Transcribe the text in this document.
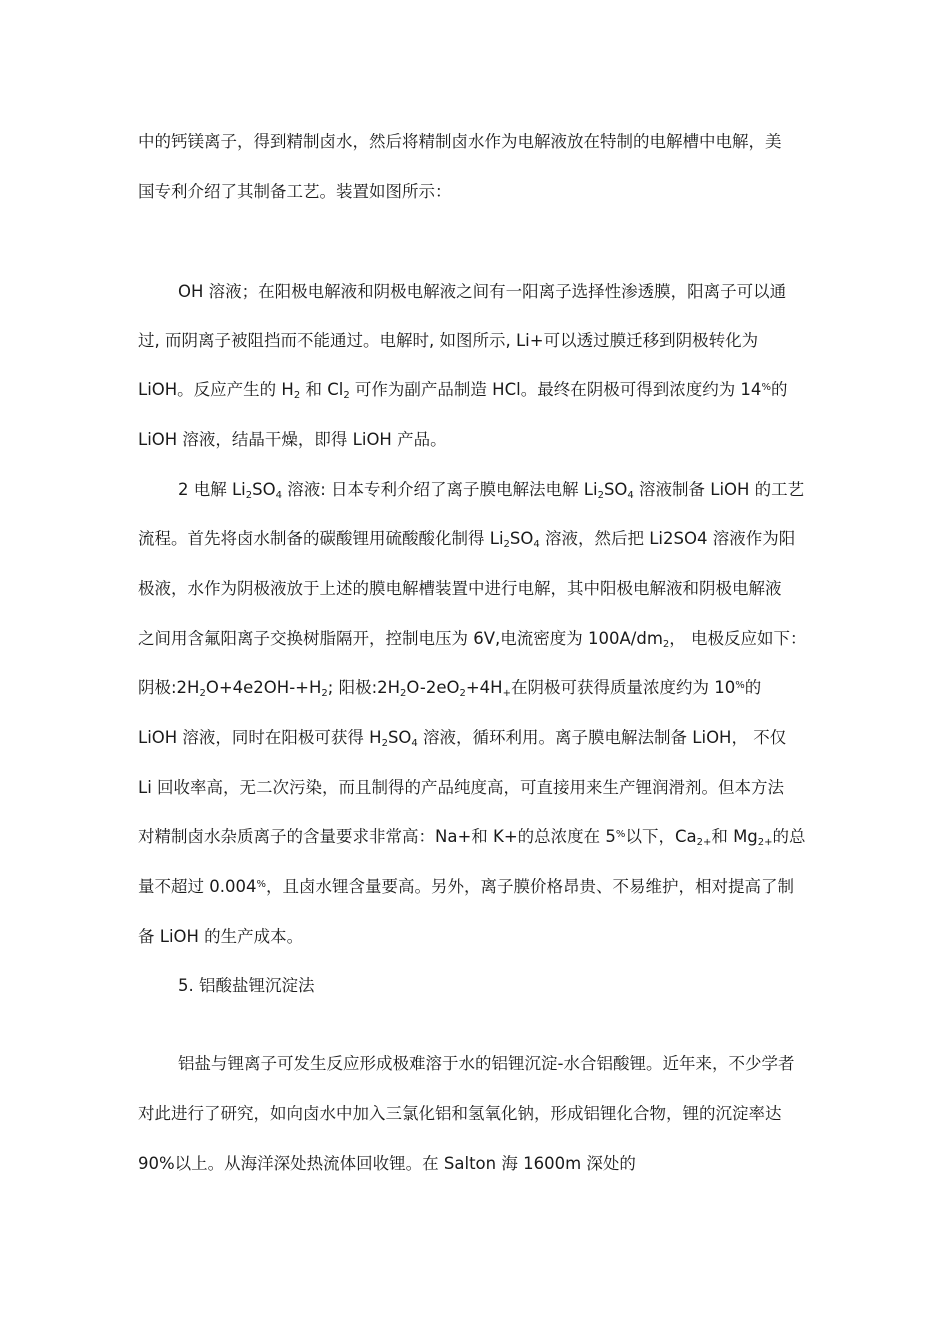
中的钙镁离子，得到精制卤水，然后将精制卤水作为电解液放在特制的电解槽中电解，美
国专利介绍了其制备工艺。装置如图所示：
OH 溶液；在阳极电解液和阴极电解液之间有一阳离子选择性渗透膜，阳离子可以通
过, 而阴离子被阻挡而不能通过。电解时, 如图所示, Li+可以透过膜迁移到阴极转化为
LiOH。反应产生的 $H_2$ 和 $Cl_2$ 可作为副产品制造 HCl。最终在阴极可得到浓度约为 14%的
LiOH 溶液，结晶干燥，即得 LiOH 产品。
2 电解 $Li_2SO_4$ 溶液: 日本专利介绍了离子膜电解法电解 $Li_2SO_4$ 溶液制备 LiOH 的工艺
流程。首先将卤水制备的碳酸锂用硫酸酸化制得 $Li_2SO_4$ 溶液，然后把 Li2SO4 溶液作为阳
极液，水作为阴极液放于上述的膜电解槽装置中进行电解，其中阳极电解液和阴极电解液
之间用含氟阳离子交换树脂隔开，控制电压为 6V,电流密度为 $100A/dm_2$， 电极反应如下：
阴极$:2H_2O+4e2OH-+H_2$; 阳极$:2H_2O-2eO_2+4H_+$在阴极可获得质量浓度约为 10%的
LiOH 溶液，同时在阳极可获得 $H_2SO_4$ 溶液，循环利用。离子膜电解法制备 LiOH， 不仅
Li 回收率高，无二次污染，而且制得的产品纯度高，可直接用来生产锂润滑剂。但本方法
对精制卤水杂质离子的含量要求非常高：Na+和 K+的总浓度在 5%以下，$Ca_{2+}$和 $Mg_{2+}$的总
量不超过 0.004%，且卤水锂含量要高。另外，离子膜价格昂贵、不易维护，相对提高了制
备 LiOH 的生产成本。
5. 铝酸盐锂沉淀法
铝盐与锂离子可发生反应形成极难溶于水的铝锂沉淀-水合铝酸锂。近年来，不少学者
对此进行了研究，如向卤水中加入三氯化铝和氢氧化钠，形成铝锂化合物，锂的沉淀率达
90%以上。从海洋深处热流体回收锂。在 Salton 海 1600m 深处的
